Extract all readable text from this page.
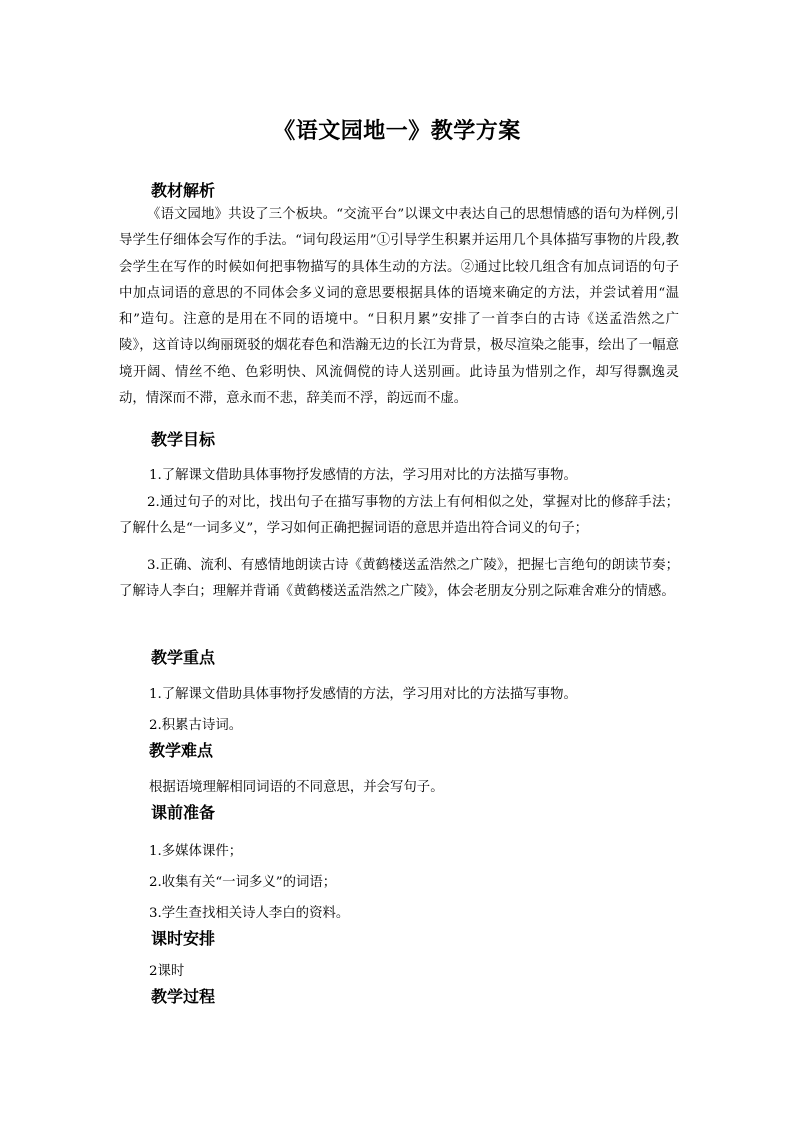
《语文园地一》教学方案
教材解析
《语文园地》共设了三个板块。“交流平台”以课文中表达自己的思想情感的语句为样例,引导学生仔细体会写作的手法。“词句段运用”①引导学生积累并运用几个具体描写事物的片段,教会学生在写作的时候如何把事物描写的具体生动的方法。②通过比较几组含有加点词语的句子中加点词语的意思的不同体会多义词的意思要根据具体的语境来确定的方法，并尝试着用“温和”造句。注意的是用在不同的语境中。“日积月累”安排了一首李白的古诗《送孟浩然之广陵》，这首诗以绚丽斑驳的烟花春色和浩瀚无边的长江为背景，极尽渲染之能事，绘出了一幅意境开阔、情丝不绝、色彩明快、风流倜傥的诗人送别画。此诗虽为惜别之作，却写得飘逸灵动，情深而不滞，意永而不悲，辞美而不浮，韵远而不虚。
教学目标
1.了解课文借助具体事物抒发感情的方法，学习用对比的方法描写事物。
2.通过句子的对比，找出句子在描写事物的方法上有何相似之处，掌握对比的修辞手法；了解什么是“一词多义”，学习如何正确把握词语的意思并造出符合词义的句子；
3.正确、流利、有感情地朗读古诗《黄鹤楼送孟浩然之广陵》，把握七言绝句的朗读节奏；了解诗人李白；理解并背诵《黄鹤楼送孟浩然之广陵》，体会老朋友分别之际难舍难分的情感。
教学重点
1.了解课文借助具体事物抒发感情的方法，学习用对比的方法描写事物。
2.积累古诗词。
教学难点
根据语境理解相同词语的不同意思，并会写句子。
课前准备
1.多媒体课件；
2.收集有关“一词多义”的词语；
3.学生查找相关诗人李白的资料。
课时安排
2课时
教学过程
